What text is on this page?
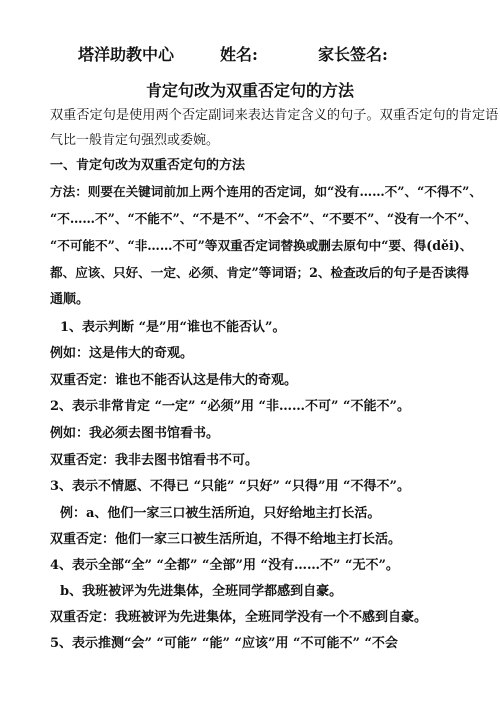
塔洋助教中心	姓名:	家长签名:
肯定句改为双重否定句的方法
双重否定句是使用两个否定副词来表达肯定含义的句子。双重否定句的肯定语
气比一般肯定句强烈或委婉。
一、肯定句改为双重否定句的方法
方法：则要在关键词前加上两个连用的否定词，如“没有……不”、“不得不”、
“不……不”、“不能不”、“不是不”、“不会不”、“不要不”、“没有一个不”、
“不可能不”、“非……不可”等双重否定词替换或删去原句中“要、得(děi)、
都、应该、只好、一定、必须、肯定”等词语；2、检查改后的句子是否读得
通顺。
1、表示判断 “是”用“谁也不能否认”。
例如：这是伟大的奇观。
双重否定：谁也不能否认这是伟大的奇观。
2、表示非常肯定 “一定” “必须”用 “非……不可” “不能不”。
例如：我必须去图书馆看书。
双重否定：我非去图书馆看书不可。
3、表示不情愿、不得已 “只能” “只好” “只得”用 “不得不”。
例：a、他们一家三口被生活所迫，只好给地主打长活。
双重否定：他们一家三口被生活所迫，不得不给地主打长活。
4、表示全部“全” “全都” “全部”用 “没有……不” “无不”。
b、我班被评为先进集体，全班同学都感到自豪。
双重否定：我班被评为先进集体，全班同学没有一个不感到自豪。
5、表示推测“会” “可能” “能” “应该”用 “不可能不” “不会
